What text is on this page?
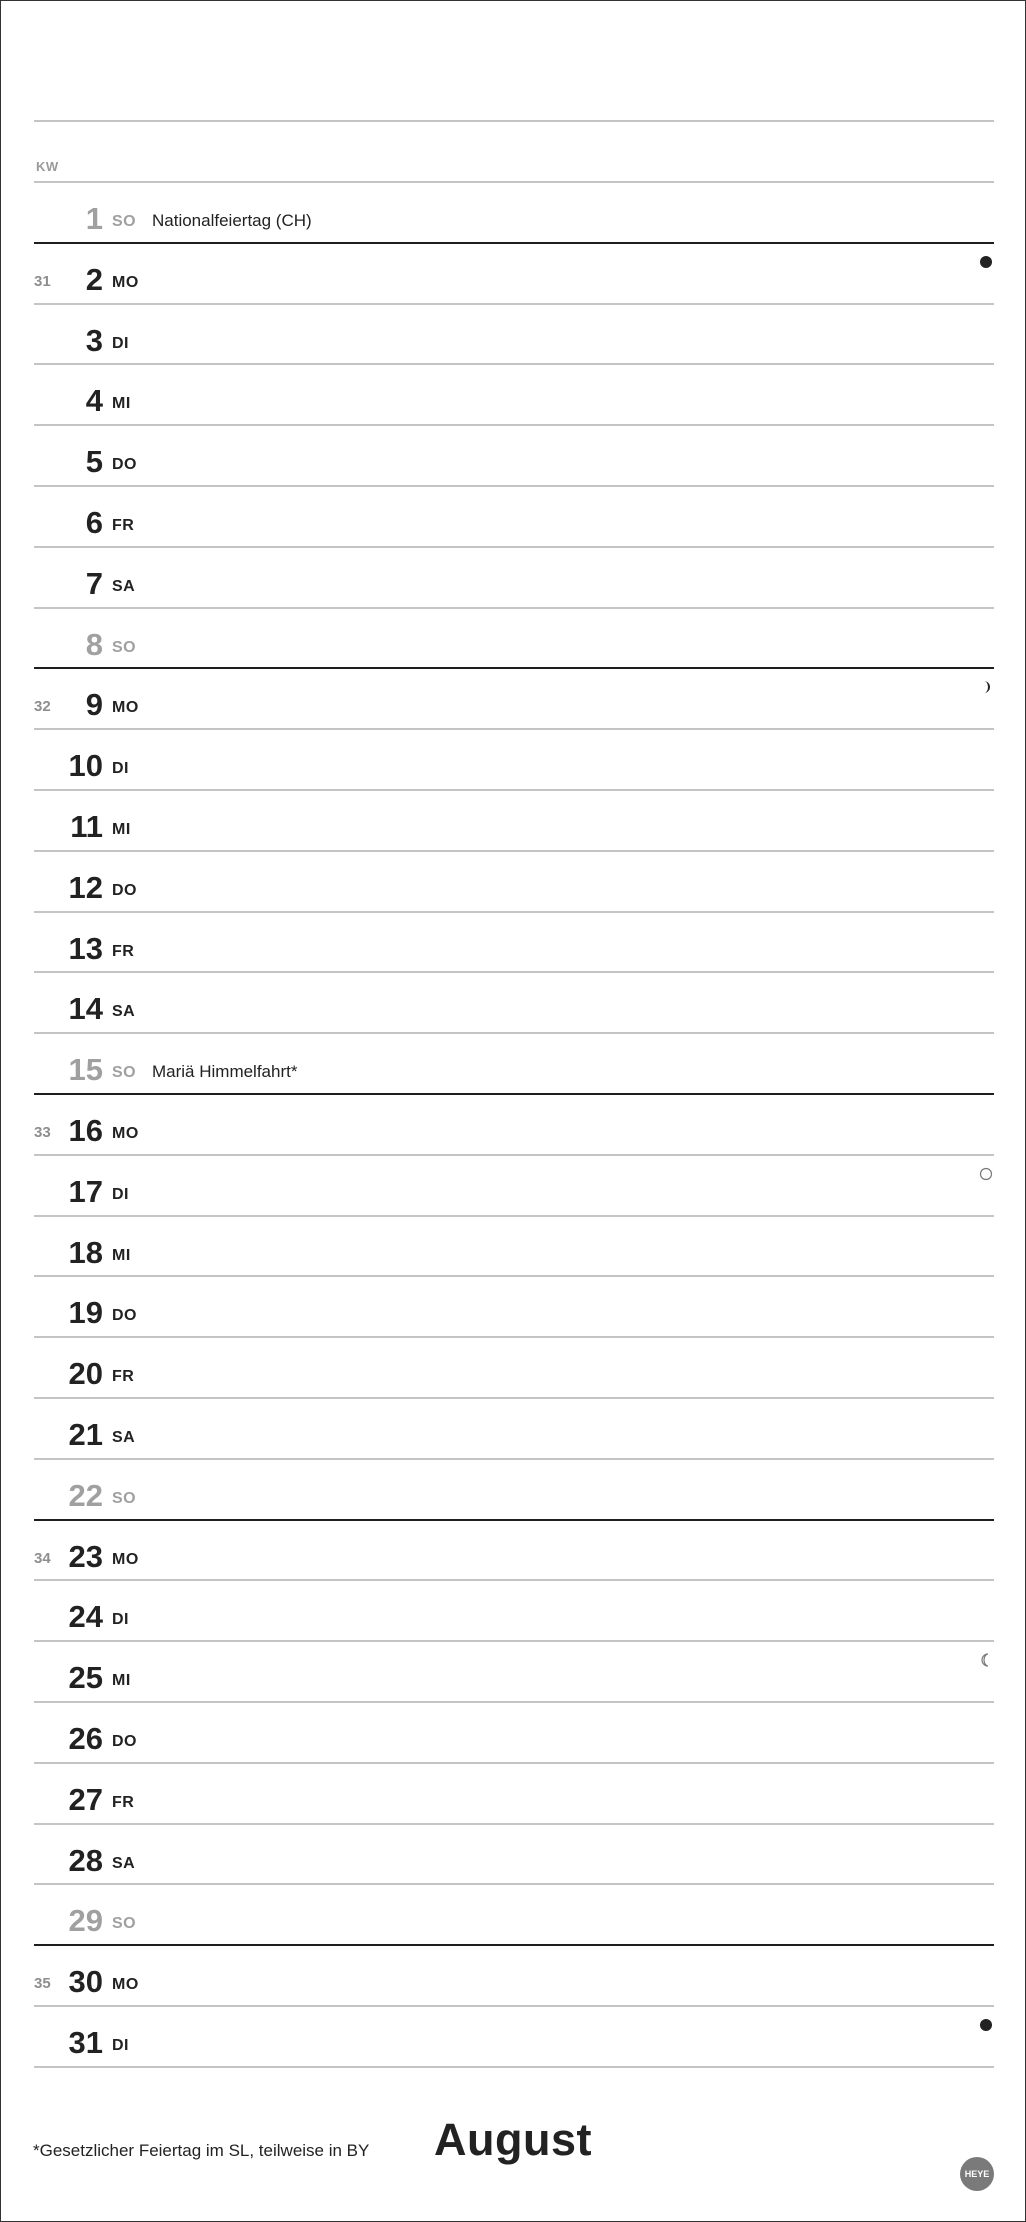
KW
1 SO Nationalfeiertag (CH)
31 2 MO
3 DI
4 MI
5 DO
6 FR
7 SA
8 SO
32 9 MO
10 DI
11 MI
12 DO
13 FR
14 SA
15 SO Mariä Himmelfahrt*
33 16 MO
17 DI
18 MI
19 DO
20 FR
21 SA
22 SO
34 23 MO
24 DI
25 MI
26 DO
27 FR
28 SA
29 SO
35 30 MO
31 DI
*Gesetzlicher Feiertag im SL, teilweise in BY August
HEYE
